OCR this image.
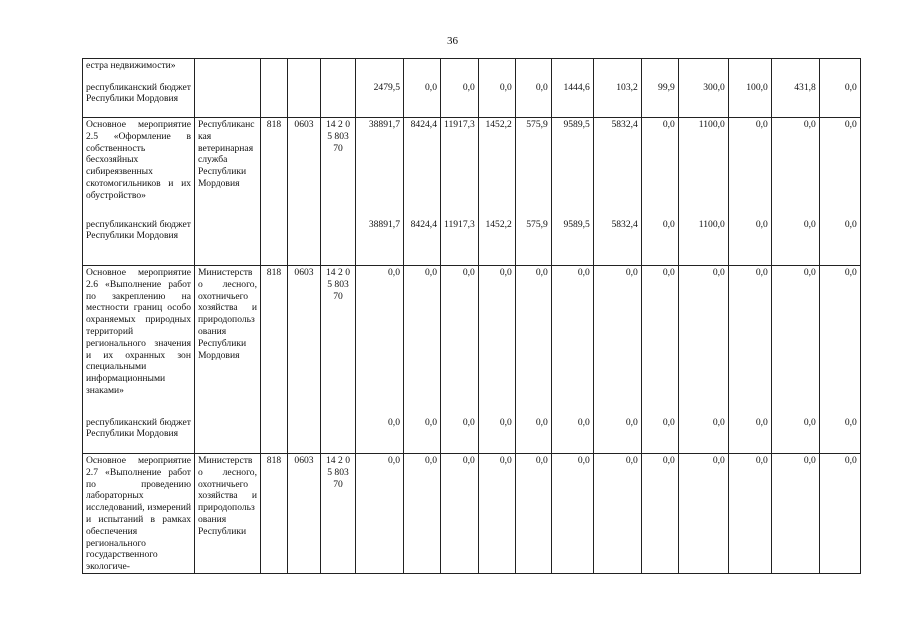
36
естра недвижимости»																
республиканский бюджет Республики Мордовия					2479,5	0,0	0,0	0,0	0,0	1444,6	103,2	99,9	300,0	100,0	431,8	0,0
Основное мероприятие 2.5 «Оформление в собственность бесхозяйных сибиреязвенных скотомогильников и их обустройство»	Республиканская ветеринарная служба Республики Мордовия	818	0603	14 2 05 803 70	38891,7	8424,4	11917,3	1452,2	575,9	9589,5	5832,4	0,0	1100,0	0,0	0,0	0,0
республиканский бюджет Республики Мордовия					38891,7	8424,4	11917,3	1452,2	575,9	9589,5	5832,4	0,0	1100,0	0,0	0,0	0,0
Основное мероприятие 2.6 «Выполнение работ по закреплению на местности границ особо охраняемых природных территорий регионального значения и их охранных зон специальными информационными знаками»	Министерство лесного, охотничьего хозяйства и природопользования Республики Мордовия	818	0603	14 2 05 803 70	0,0	0,0	0,0	0,0	0,0	0,0	0,0	0,0	0,0	0,0	0,0	0,0
республиканский бюджет Республики Мордовия					0,0	0,0	0,0	0,0	0,0	0,0	0,0	0,0	0,0	0,0	0,0	0,0
Основное мероприятие 2.7 «Выполнение работ по проведению лабораторных исследований, измерений и испытаний в рамках обеспечения регионального государственного экологиче-	Министерство лесного, охотничьего хозяйства и природопользования Республики	818	0603	14 2 05 803 70	0,0	0,0	0,0	0,0	0,0	0,0	0,0	0,0	0,0	0,0	0,0	0,0
